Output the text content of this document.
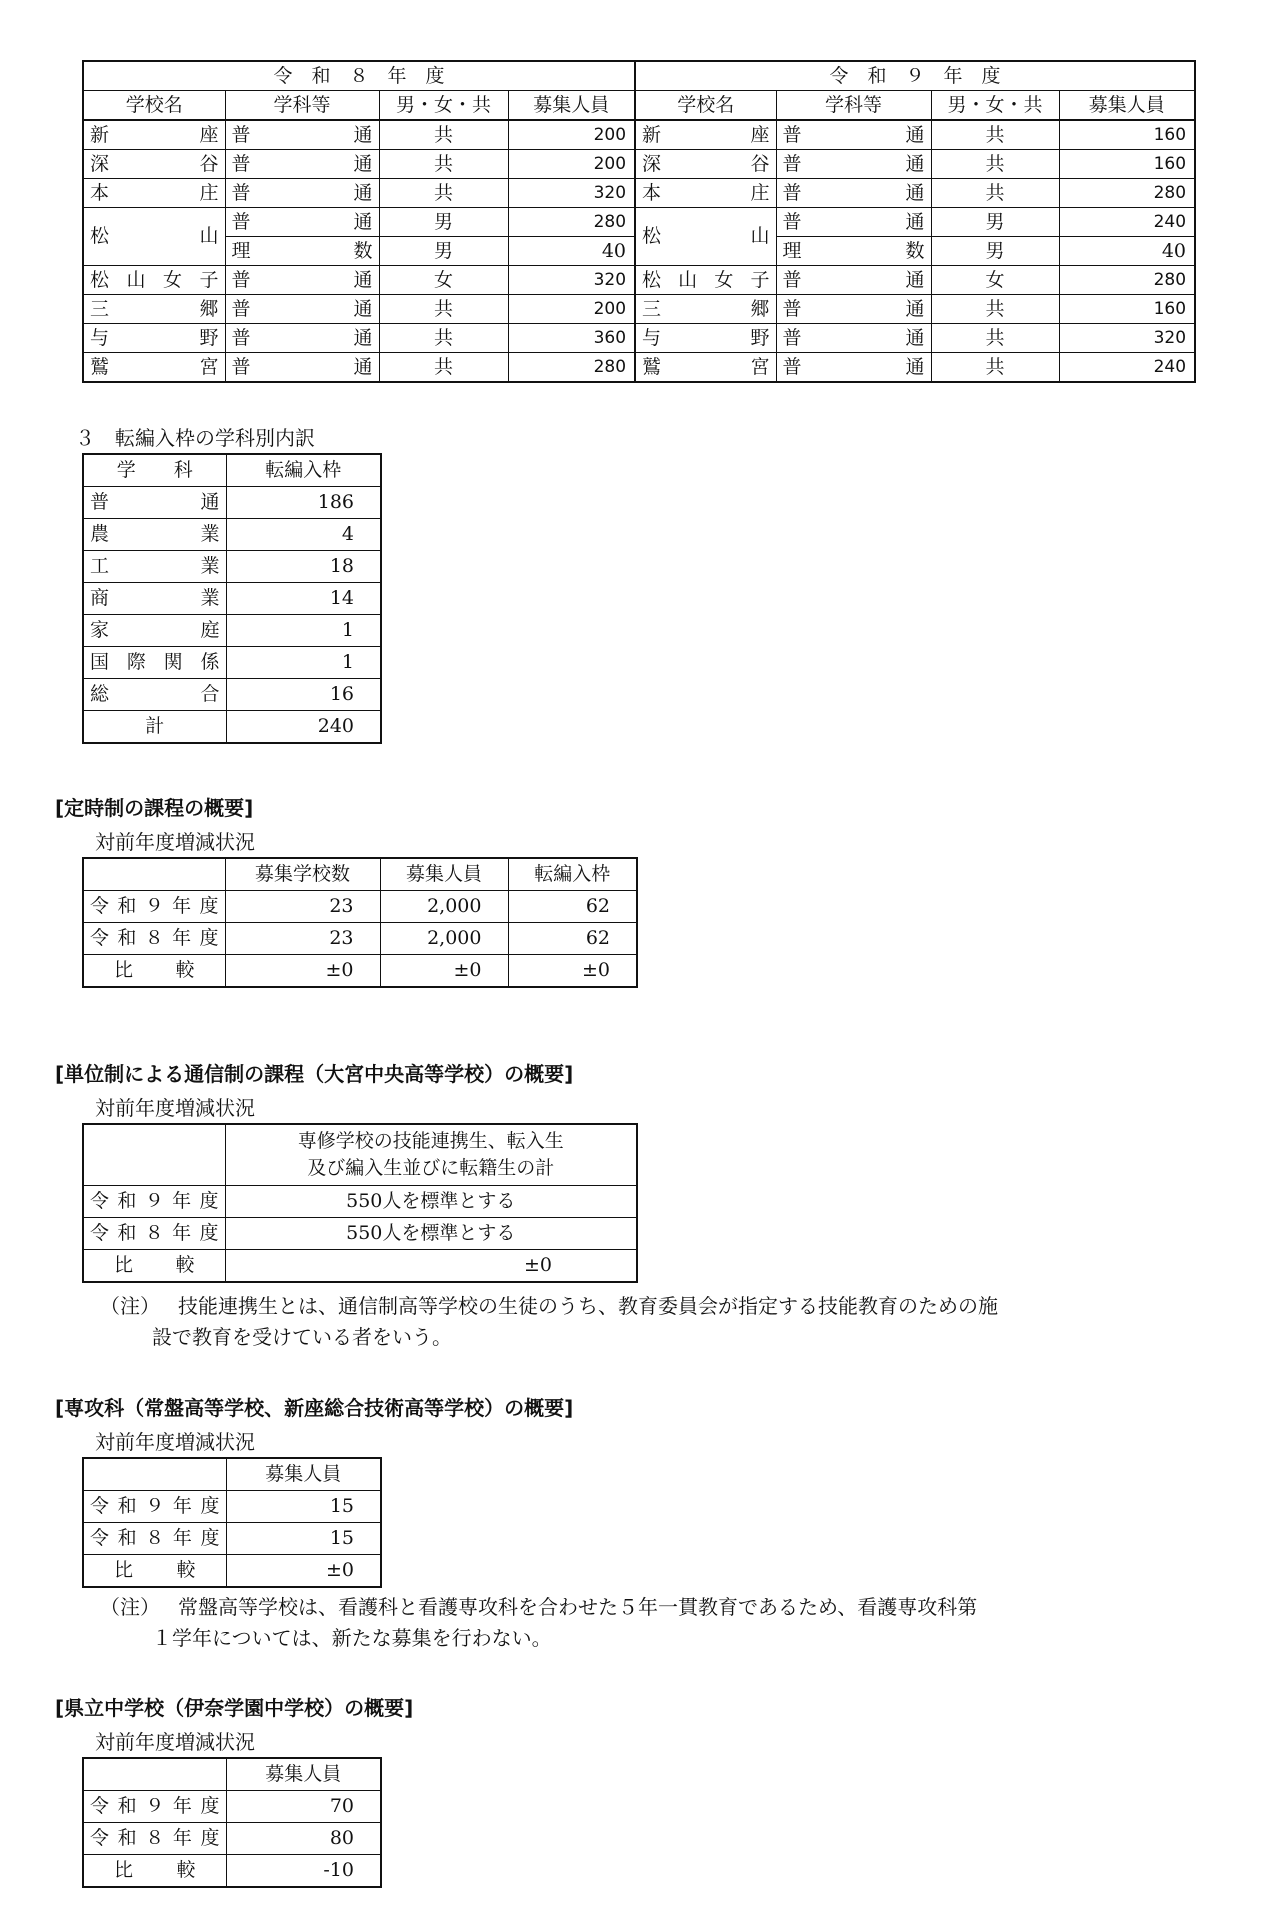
令　和　８　年　度				令　和　９　年　度			
学校名	学科等	男・女・共	募集人員	学校名	学科等	男・女・共	募集人員
新座	普通	共	200	新座	普通	共	160
深谷	普通	共	200	深谷	普通	共	160
本庄	普通	共	320	本庄	普通	共	280
松山	普通	男	280	松山	普通	男	240
	理数	男	40		理数	男	40
松山女子	普通	女	320	松山女子	普通	女	280
三郷	普通	共	200	三郷	普通	共	160
与野	普通	共	360	与野	普通	共	320
鷲宮	普通	共	280	鷲宮	普通	共	240
３　転編入枠の学科別内訳
学　　科	転編入枠
普通	186
農業	4
工業	18
商業	14
家庭	1
国際関係	1
総合	16
計	240
[定時制の課程の概要]
対前年度増減状況
	募集学校数	募集人員	転編入枠
令和９年度	23	2,000	62
令和８年度	23	2,000	62
比較	±0	±0	±0
[単位制による通信制の課程（大宮中央高等学校）の概要]
対前年度増減状況

	専修学校の技能連携生、転入生
及び編入生並びに転籍生の計

令和９年度	550人を標準とする
令和８年度	550人を標準とする
比較	±0
（注） 技能連携生とは、通信制高等学校の生徒のうち、教育委員会が指定する技能教育のための施
設で教育を受けている者をいう。
[専攻科（常盤高等学校、新座総合技術高等学校）の概要]
対前年度増減状況
	募集人員
令和９年度	15
令和８年度	15
比較	±0
（注） 常盤高等学校は、看護科と看護専攻科を合わせた５年一貫教育であるため、看護専攻科第
１学年については、新たな募集を行わない。
[県立中学校（伊奈学園中学校）の概要]
対前年度増減状況
	募集人員
令和９年度	70
令和８年度	80
比較	-10
